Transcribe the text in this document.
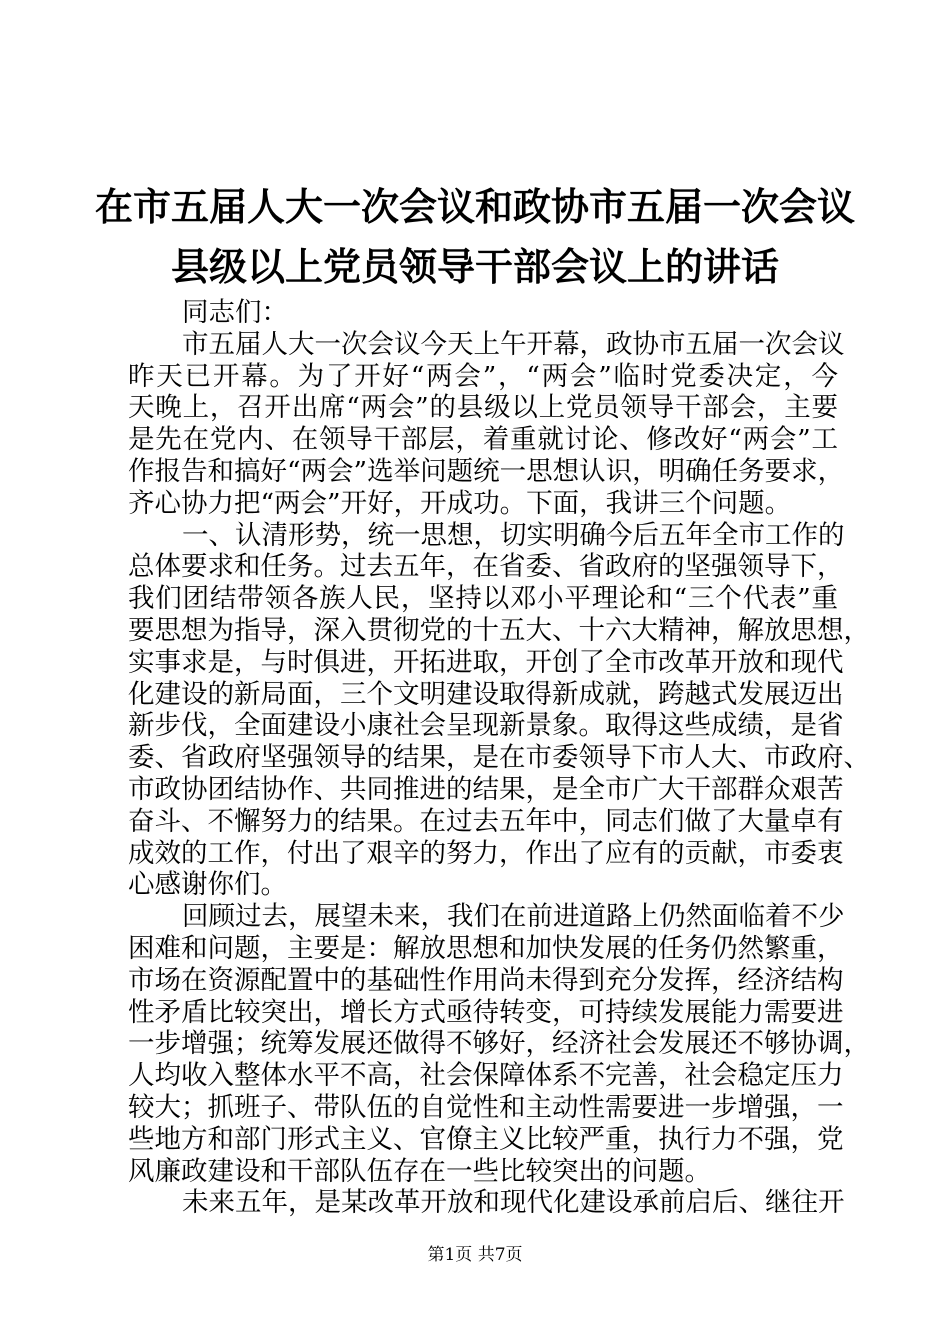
在市五届人大一次会议和政协市五届一次会议
县级以上党员领导干部会议上的讲话
同志们：
市五届人大一次会议今天上午开幕，政协市五届一次会议
昨天已开幕。为了开好“两会”，“两会”临时党委决定，今
天晚上，召开出席“两会”的县级以上党员领导干部会，主要
是先在党内、在领导干部层，着重就讨论、修改好“两会”工
作报告和搞好“两会”选举问题统一思想认识，明确任务要求，
齐心协力把“两会”开好，开成功。下面，我讲三个问题。
一、认清形势，统一思想，切实明确今后五年全市工作的
总体要求和任务。过去五年，在省委、省政府的坚强领导下，
我们团结带领各族人民，坚持以邓小平理论和“三个代表”重
要思想为指导，深入贯彻党的十五大、十六大精神，解放思想，
实事求是，与时俱进，开拓进取，开创了全市改革开放和现代
化建设的新局面，三个文明建设取得新成就，跨越式发展迈出
新步伐，全面建设小康社会呈现新景象。取得这些成绩，是省
委、省政府坚强领导的结果，是在市委领导下市人大、市政府、
市政协团结协作、共同推进的结果，是全市广大干部群众艰苦
奋斗、不懈努力的结果。在过去五年中，同志们做了大量卓有
成效的工作，付出了艰辛的努力，作出了应有的贡献，市委衷
心感谢你们。
回顾过去，展望未来，我们在前进道路上仍然面临着不少
困难和问题，主要是：解放思想和加快发展的任务仍然繁重，
市场在资源配置中的基础性作用尚未得到充分发挥，经济结构
性矛盾比较突出，增长方式亟待转变，可持续发展能力需要进
一步增强；统筹发展还做得不够好，经济社会发展还不够协调，
人均收入整体水平不高，社会保障体系不完善，社会稳定压力
较大；抓班子、带队伍的自觉性和主动性需要进一步增强，一
些地方和部门形式主义、官僚主义比较严重，执行力不强，党
风廉政建设和干部队伍存在一些比较突出的问题。
未来五年，是某改革开放和现代化建设承前启后、继往开
第1页 共7页
